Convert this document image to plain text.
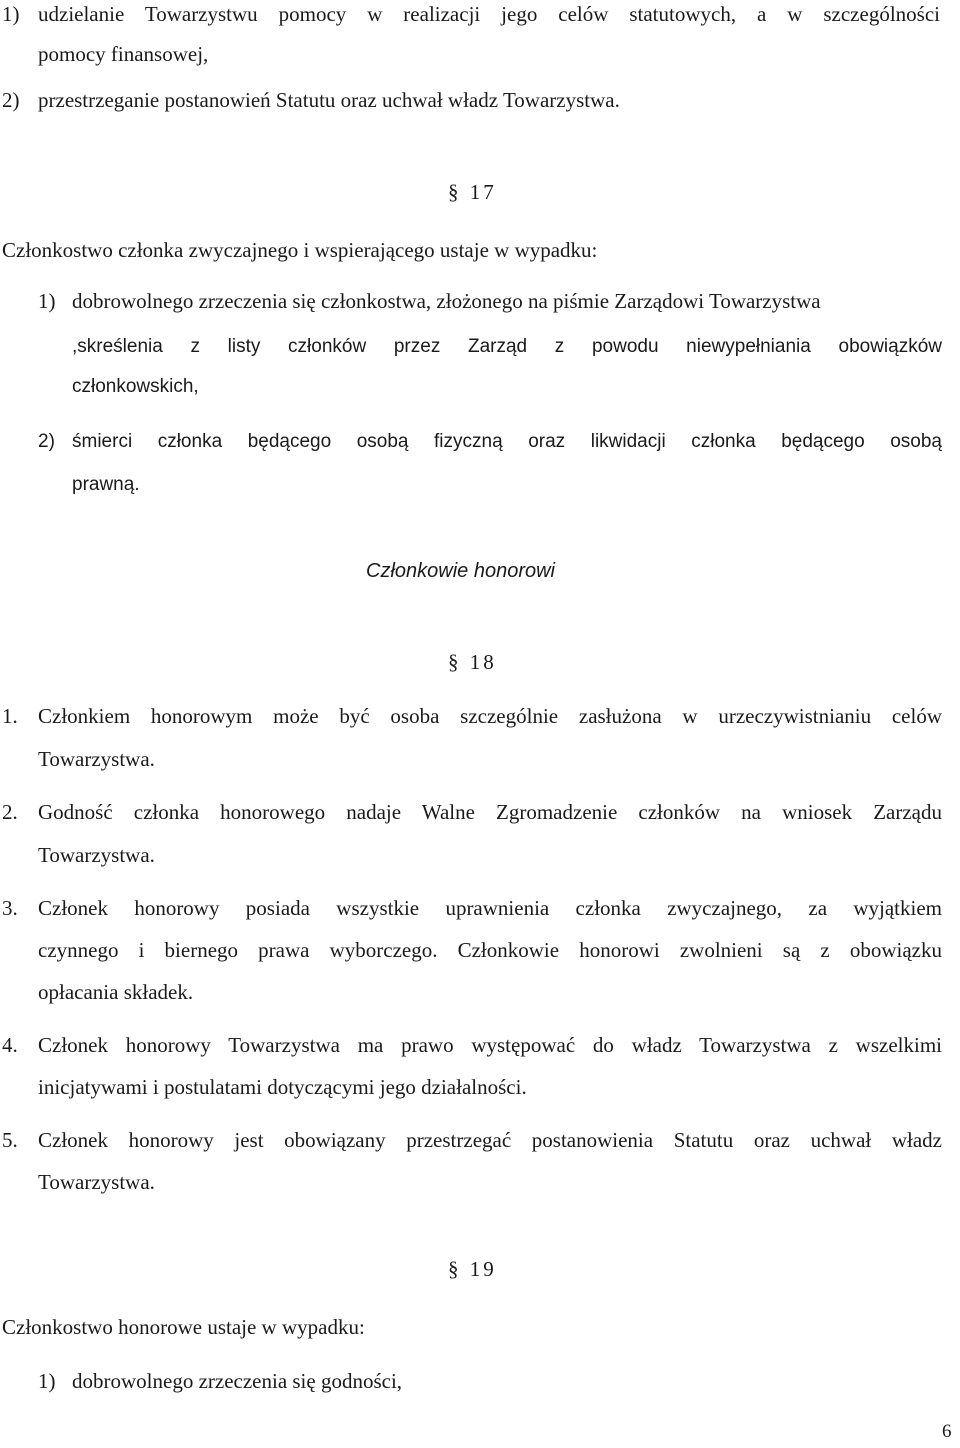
1) udzielanie Towarzystwu pomocy w realizacji jego celów statutowych, a w szczególności
pomocy finansowej,
2) przestrzeganie postanowień Statutu oraz uchwał władz Towarzystwa.
§ 17
Członkostwo członka zwyczajnego i wspierającego ustaje w wypadku:
1) dobrowolnego zrzeczenia się członkostwa, złożonego na piśmie Zarządowi Towarzystwa
,skreślenia z listy członków przez Zarząd z powodu niewypełniania obowiązków
członkowskich,
2) śmierci członka będącego osobą fizyczną oraz likwidacji członka będącego osobą
prawną.
Członkowie honorowi
§ 18
1. Członkiem honorowym może być osoba szczególnie zasłużona w urzeczywistnianiu celów
Towarzystwa.
2. Godność członka honorowego nadaje Walne Zgromadzenie członków na wniosek Zarządu
Towarzystwa.
3. Członek honorowy posiada wszystkie uprawnienia członka zwyczajnego, za wyjątkiem
czynnego i biernego prawa wyborczego. Członkowie honorowi zwolnieni są z obowiązku
opłacania składek.
4. Członek honorowy Towarzystwa ma prawo występować do władz Towarzystwa z wszelkimi
inicjatywami i postulatami dotyczącymi jego działalności.
5. Członek honorowy jest obowiązany przestrzegać postanowienia Statutu oraz uchwał władz
Towarzystwa.
§ 19
Członkostwo honorowe ustaje w wypadku:
1) dobrowolnego zrzeczenia się godności,
6
